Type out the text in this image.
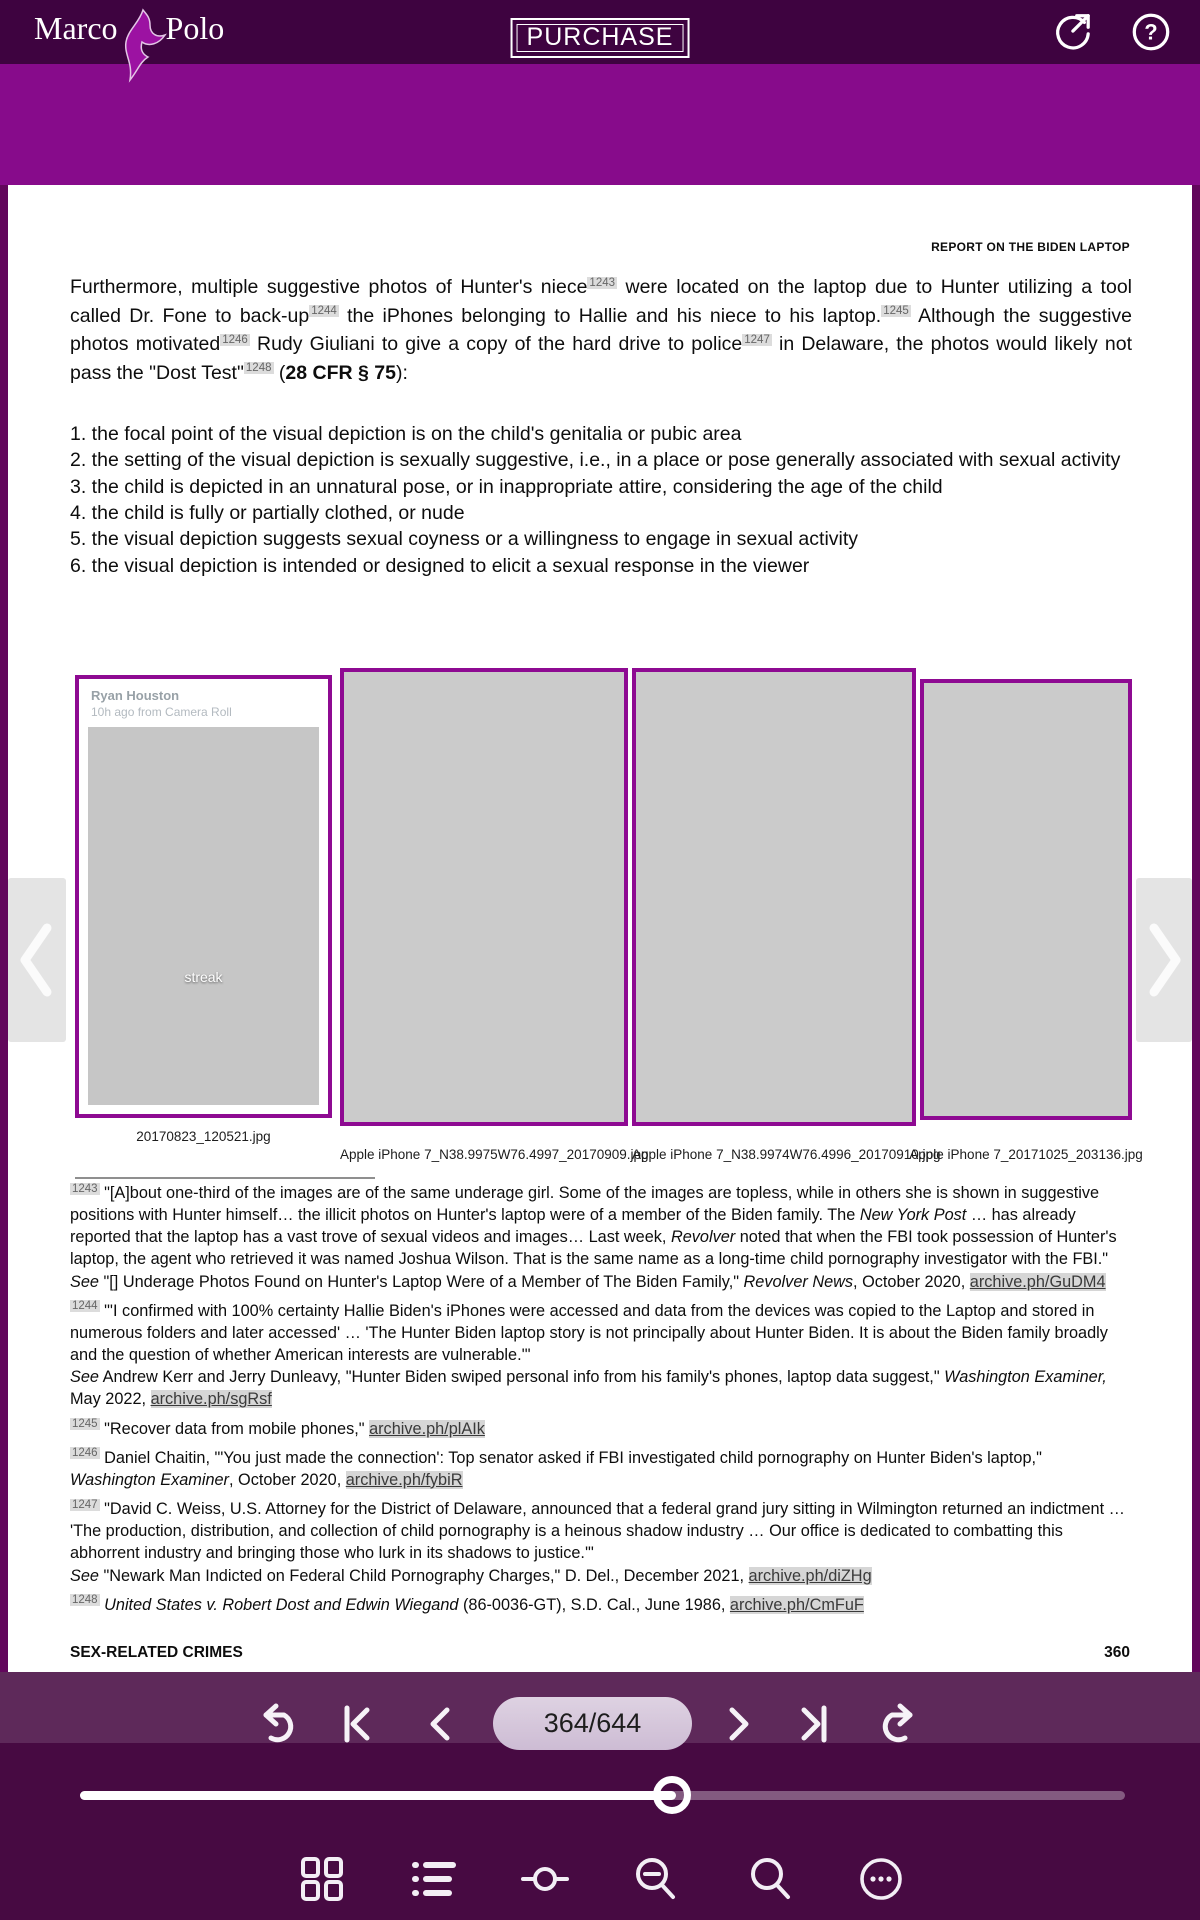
Marco Polo	PURCHASE	?
REPORT ON THE BIDEN LAPTOP

Furthermore, multiple suggestive photos of Hunter's niece $^{1243}$ were located on the laptop due to Hunter utilizing a tool called Dr. Fone to back-up $^{1244}$ the iPhones belonging to Hallie and his niece to his laptop. $^{1245}$ Although the suggestive photos motivated $^{1246}$ Rudy Giuliani to give a copy of the hard drive to police $^{1247}$ in Delaware, the photos would likely not pass the "Dost Test" $^{1248}$ (28 CFR § 75):

1. the focal point of the visual depiction is on the child's genitalia or pubic area

2. the setting of the visual depiction is sexually suggestive, i.e., in a place or pose generally associated with sexual activity

3. the child is depicted in an unnatural pose, or in inappropriate attire, considering the age of the child

4. the child is fully or partially clothed, or nude

5. the visual depiction suggests sexual coyness or a willingness to engage in sexual activity

6. the visual depiction is intended or designed to elicit a sexual response in the viewer

Ryan Houston
10h ago from Camera Roll
streak
20170823_120521.jpg
Apple iPhone 7_N38.9975W76.4997_20170909.jpg
Apple iPhone 7_N38.9974W76.4996_20170910.jpg
Apple iPhone 7_20171025_203136.jpg

$^{1243}$ "[A]bout one-third of the images are of the same underage girl. Some of the images are topless, while in others she is shown in suggestive positions with Hunter himself… the illicit photos on Hunter's laptop were of a member of the Biden family. The New York Post … has already reported that the laptop has a vast trove of sexual videos and images… Last week, Revolver noted that when the FBI took possession of Hunter's laptop, the agent who retrieved it was named Joshua Wilson. That is the same name as a long-time child pornography investigator with the FBI."
See "[] Underage Photos Found on Hunter's Laptop Were of a Member of The Biden Family," Revolver News, October 2020, archive.ph/GuDM4

$^{1244}$ "'I confirmed with 100% certainty Hallie Biden's iPhones were accessed and data from the devices was copied to the Laptop and stored in numerous folders and later accessed' … 'The Hunter Biden laptop story is not principally about Hunter Biden. It is about the Biden family broadly and the question of whether American interests are vulnerable.'"
See Andrew Kerr and Jerry Dunleavy, "Hunter Biden swiped personal info from his family's phones, laptop data suggest," Washington Examiner, May 2022, archive.ph/sgRsf

$^{1245}$ "Recover data from mobile phones," archive.ph/plAIk

$^{1246}$ Daniel Chaitin, "'You just made the connection': Top senator asked if FBI investigated child pornography on Hunter Biden's laptop," Washington Examiner, October 2020, archive.ph/fybiR

$^{1247}$ "David C. Weiss, U.S. Attorney for the District of Delaware, announced that a federal grand jury sitting in Wilmington returned an indictment … 'The production, distribution, and collection of child pornography is a heinous shadow industry … Our office is dedicated to combatting this abhorrent industry and bringing those who lurk in its shadows to justice.'"
See "Newark Man Indicted on Federal Child Pornography Charges," D. Del., December 2021, archive.ph/diZHg

$^{1248}$ United States v. Robert Dost and Edwin Wiegand (86-0036-GT), S.D. Cal., June 1986, archive.ph/CmFuF

SEX-RELATED CRIMES	360
364/644
